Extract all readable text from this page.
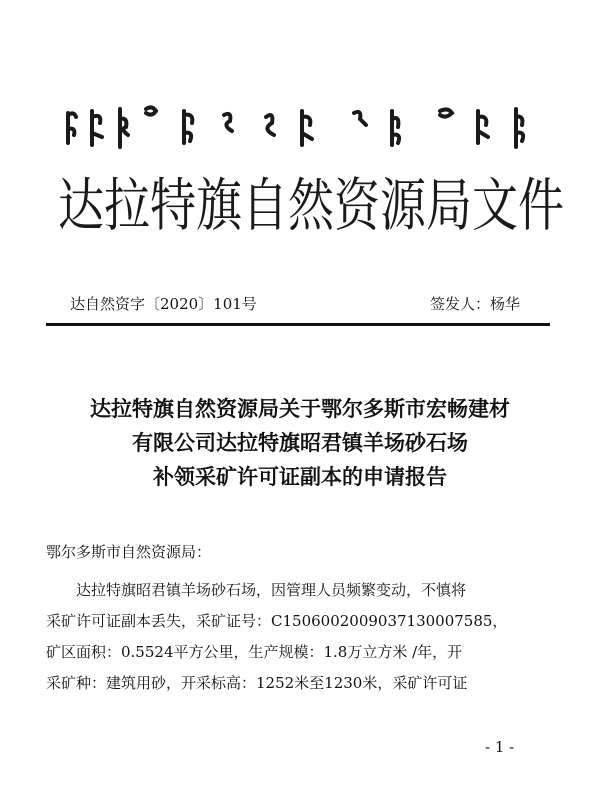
达拉特旗自然资源局文件
达自然资字〔2020〕101号	签发人：杨华
达拉特旗自然资源局关于鄂尔多斯市宏畅建材
有限公司达拉特旗昭君镇羊场砂石场
补领采矿许可证副本的申请报告
鄂尔多斯市自然资源局：
　　达拉特旗昭君镇羊场砂石场，因管理人员频繁变动，不慎将
采矿许可证副本丢失，采矿证号：C1506002009037130007585，
矿区面积：0.5524平方公里，生产规模：1.8万立方米 /年，开
采矿种：建筑用砂，开采标高：1252米至1230米，采矿许可证
- 1 -
